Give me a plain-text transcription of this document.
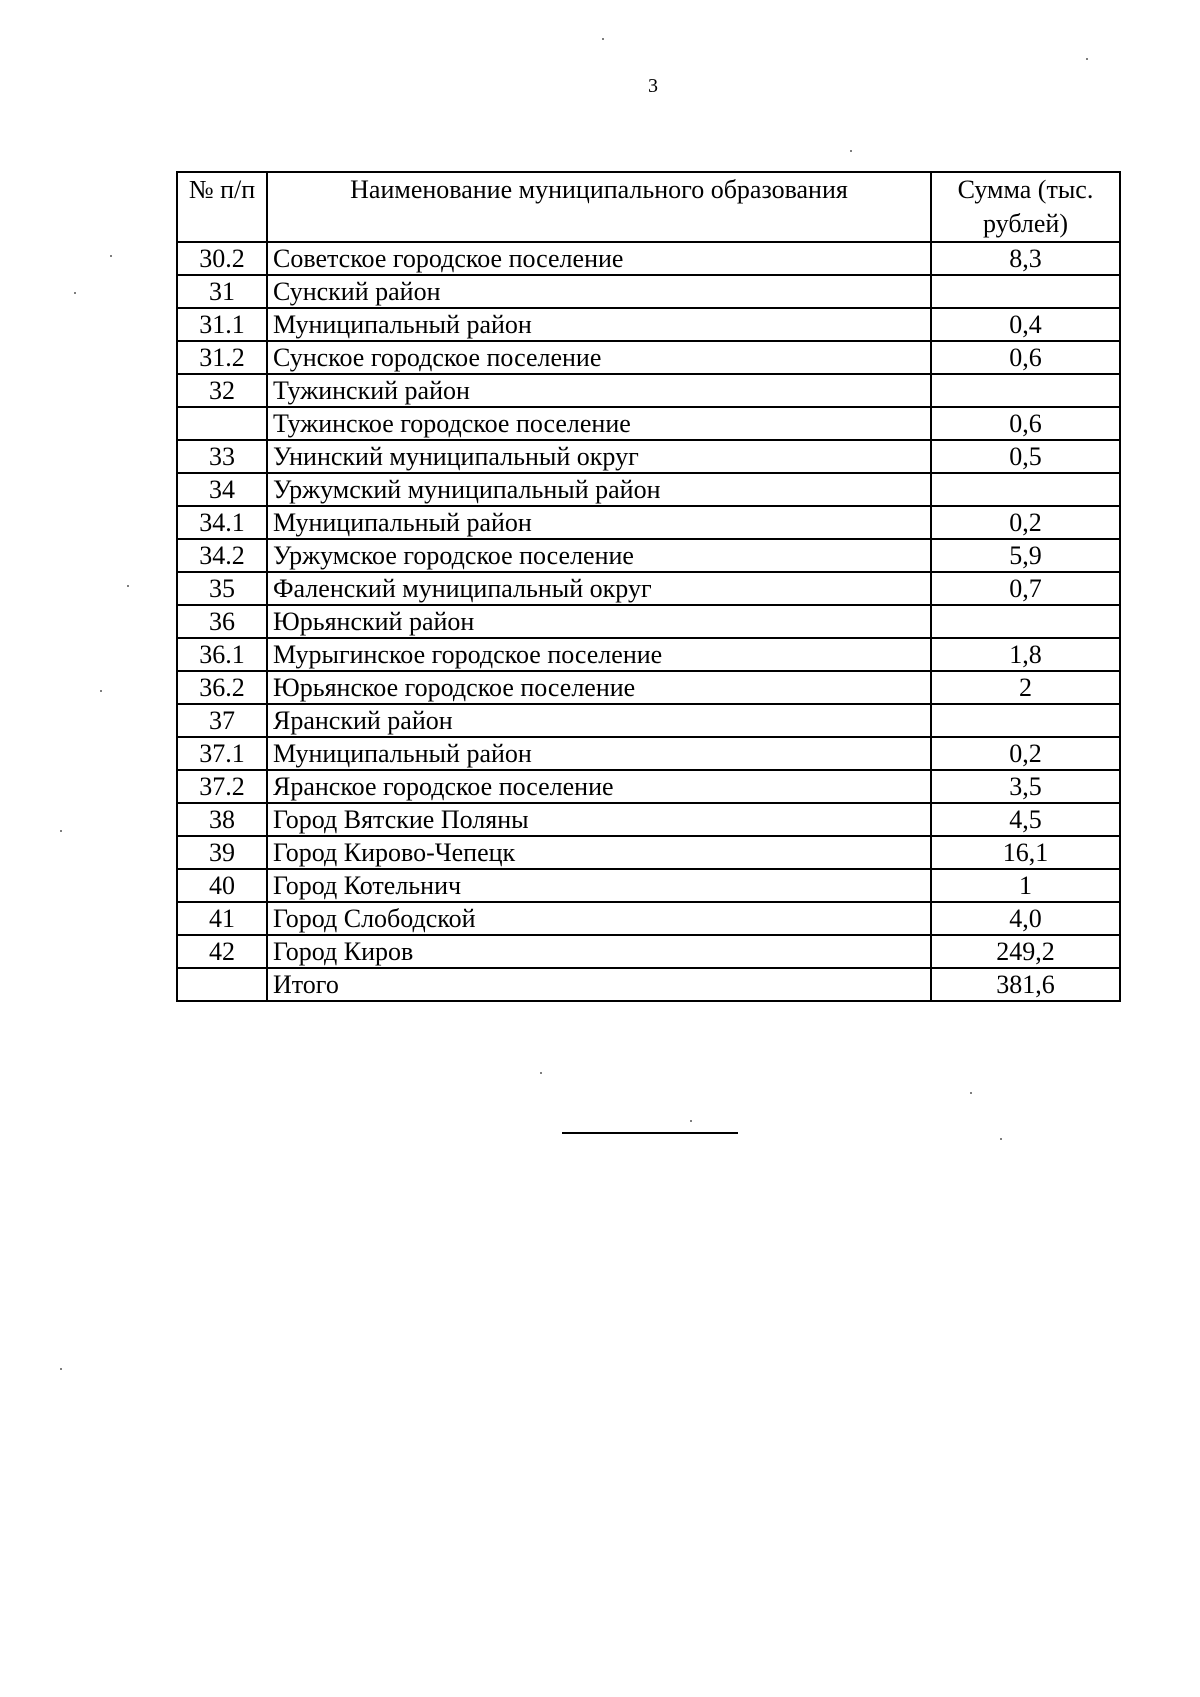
3
№ п/п	Наименование муниципального образования	Сумма (тыс. рублей)
30.2	Советское городское поселение	8,3
31	Сунский район	
31.1	Муниципальный район	0,4
31.2	Сунское городское поселение	0,6
32	Тужинский район	
	Тужинское городское поселение	0,6
33	Унинский муниципальный округ	0,5
34	Уржумский муниципальный район	
34.1	Муниципальный район	0,2
34.2	Уржумское городское поселение	5,9
35	Фаленский муниципальный округ	0,7
36	Юрьянский район	
36.1	Мурыгинское городское поселение	1,8
36.2	Юрьянское городское поселение	2
37	Яранский район	
37.1	Муниципальный район	0,2
37.2	Яранское городское поселение	3,5
38	Город Вятские Поляны	4,5
39	Город Кирово-Чепецк	16,1
40	Город Котельнич	1
41	Город Слободской	4,0
42	Город Киров	249,2
	Итого	381,6
